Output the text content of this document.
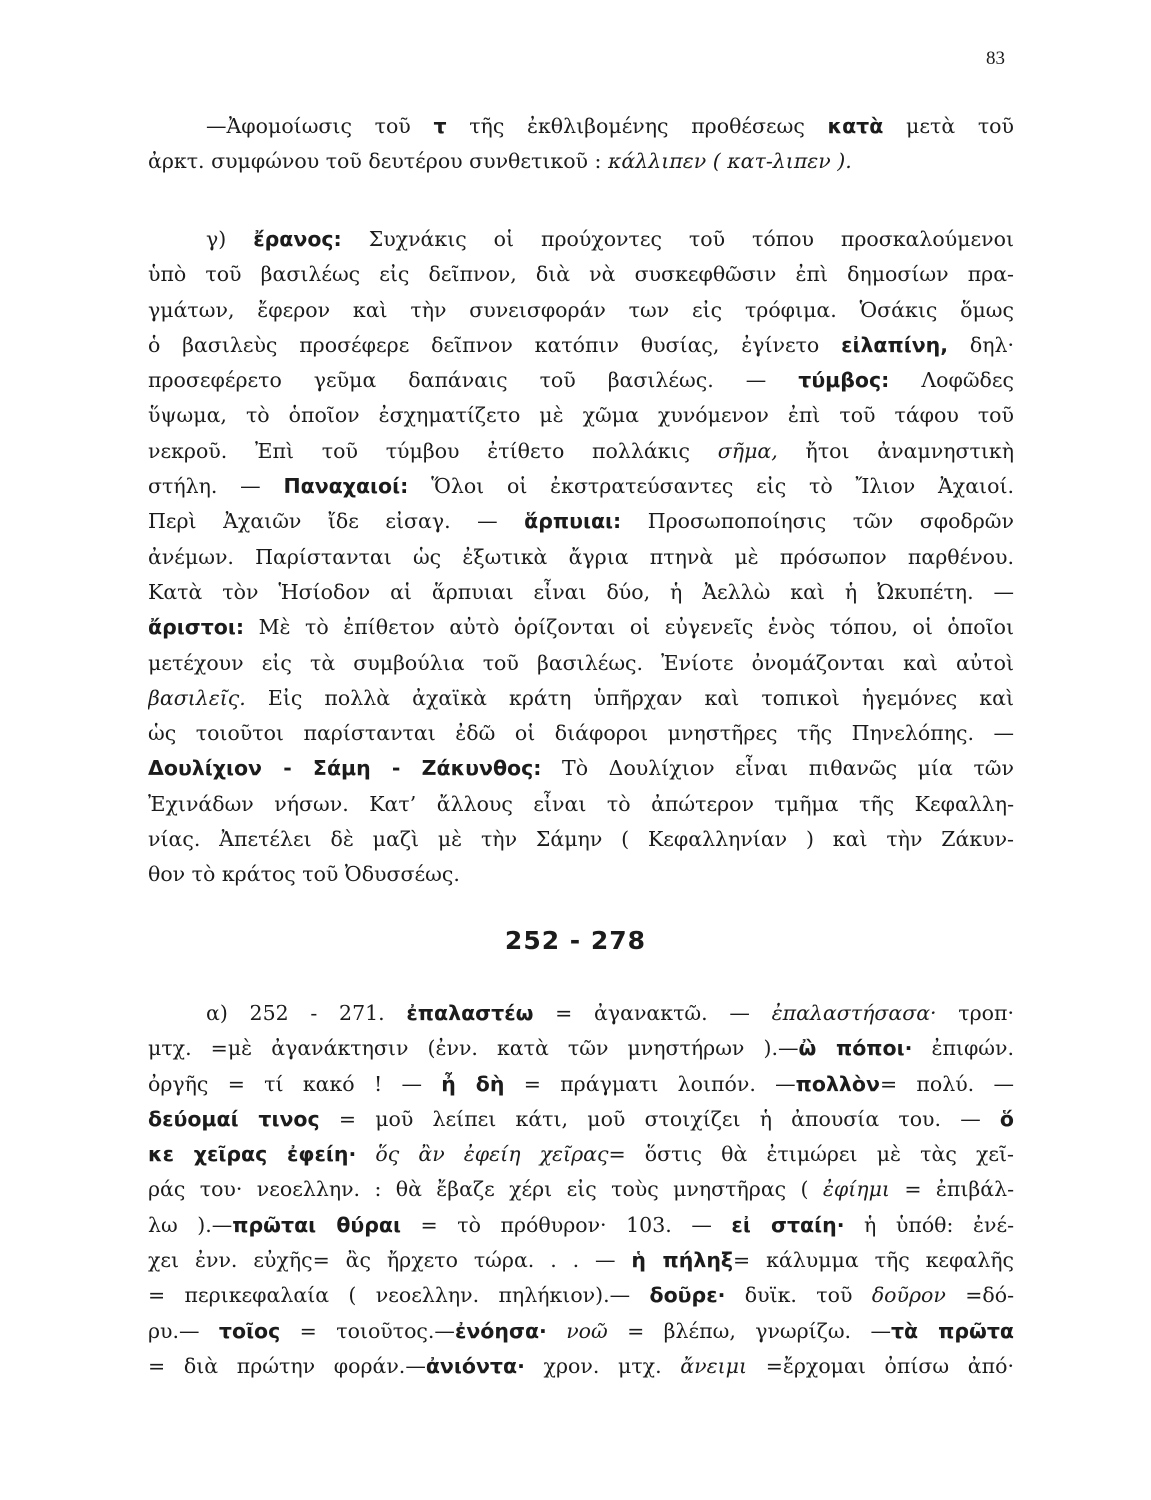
83
—Ἀφομοίωσις τοῦ τ τῆς ἐκθλιβομένης προθέσεως κατὰ μετὰ τοῦ
ἀρκτ. συμφώνου τοῦ δευτέρου συνθετικοῦ : κάλλιπεν ( κατ-λιπεν ).
γ) ἔρανος: Συχνάκις οἱ προύχοντες τοῦ τόπου προσκαλούμενοι
ὑπὸ τοῦ βασιλέως εἰς δεῖπνον, διὰ νὰ συσκεφθῶσιν ἐπὶ δημοσίων πρα-
γμάτων, ἔφερον καὶ τὴν συνεισφοράν των εἰς τρόφιμα. Ὁσάκις ὅμως
ὁ βασιλεὺς προσέφερε δεῖπνον κατόπιν θυσίας, ἐγίνετο εἰλαπίνη, δηλ·
προσεφέρετο γεῦμα δαπάναις τοῦ βασιλέως. — τύμβος: Λοφῶδες
ὕψωμα, τὸ ὁποῖον ἐσχηματίζετο μὲ χῶμα χυνόμενον ἐπὶ τοῦ τάφου τοῦ
νεκροῦ. Ἐπὶ τοῦ τύμβου ἐτίθετο πολλάκις σῆμα, ἤτοι ἀναμνηστικὴ
στήλη. — Παναχαιοί: Ὅλοι οἱ ἐκστρατεύσαντες εἰς τὸ Ἴλιον Ἀχαιοί.
Περὶ Ἀχαιῶν ἴδε εἰσαγ. — ἅρπυιαι: Προσωποποίησις τῶν σφοδρῶν
ἀνέμων. Παρίστανται ὡς ἐξωτικὰ ἄγρια πτηνὰ μὲ πρόσωπον παρθένου.
Κατὰ τὸν Ἡσίοδον αἱ ἅρπυιαι εἶναι δύο, ἡ Ἀελλὼ καὶ ἡ Ὠκυπέτη. —
ἄριστοι: Μὲ τὸ ἐπίθετον αὐτὸ ὁρίζονται οἱ εὐγενεῖς ἑνὸς τόπου, οἱ ὁποῖοι
μετέχουν εἰς τὰ συμβούλια τοῦ βασιλέως. Ἐνίοτε ὀνομάζονται καὶ αὐτοὶ
βασιλεῖς. Εἰς πολλὰ ἀχαϊκὰ κράτη ὑπῆρχαν καὶ τοπικοὶ ἡγεμόνες καὶ
ὡς τοιοῦτοι παρίστανται ἐδῶ οἱ διάφοροι μνηστῆρες τῆς Πηνελόπης. —
Δουλίχιον - Σάμη - Ζάκυνθος: Τὸ Δουλίχιον εἶναι πιθανῶς μία τῶν
Ἐχινάδων νήσων. Κατ’ ἄλλους εἶναι τὸ ἀπώτερον τμῆμα τῆς Κεφαλλη-
νίας. Ἀπετέλει δὲ μαζὶ μὲ τὴν Σάμην ( Κεφαλληνίαν ) καὶ τὴν Ζάκυν-
θον τὸ κράτος τοῦ Ὀδυσσέως.
252 - 278
α) 252 - 271. ἐπαλαστέω = ἀγανακτῶ. — ἐπαλαστήσασα· τροπ·
μτχ. =μὲ ἀγανάκτησιν (ἐνν. κατὰ τῶν μνηστήρων ).—ὢ πόποι· ἐπιφών.
ὀργῆς = τί κακό ! — ἦ δὴ = πράγματι λοιπόν. —πολλὸν= πολύ. —
δεύομαί τινος = μοῦ λείπει κάτι, μοῦ στοιχίζει ἡ ἀπουσία του. — ὅ
κε χεῖρας ἐφείη· ὅς ἂν ἐφείη χεῖρας= ὅστις θὰ ἐτιμώρει μὲ τὰς χεῖ-
ράς του· νεοελλην. : θὰ ἔβαζε χέρι εἰς τοὺς μνηστῆρας ( ἐφίημι = ἐπιβάλ-
λω ).—πρῶται θύραι = τὸ πρόθυρον· 103. — εἰ σταίη· ἡ ὑπόθ: ἐνέ-
χει ἐνν. εὐχῆς= ἂς ἤρχετο τώρα. . . — ἡ πήληξ= κάλυμμα τῆς κεφαλῆς
= περικεφαλαία ( νεοελλην. πηλήκιον).— δοῦρε· δυϊκ. τοῦ δοῦρον =δό-
ρυ.— τοῖος = τοιοῦτος.—ἐνόησα· νοῶ = βλέπω, γνωρίζω. —τὰ πρῶτα
= διὰ πρώτην φοράν.—ἀνιόντα· χρον. μτχ. ἄνειμι =ἔρχομαι ὀπίσω ἀπό·
